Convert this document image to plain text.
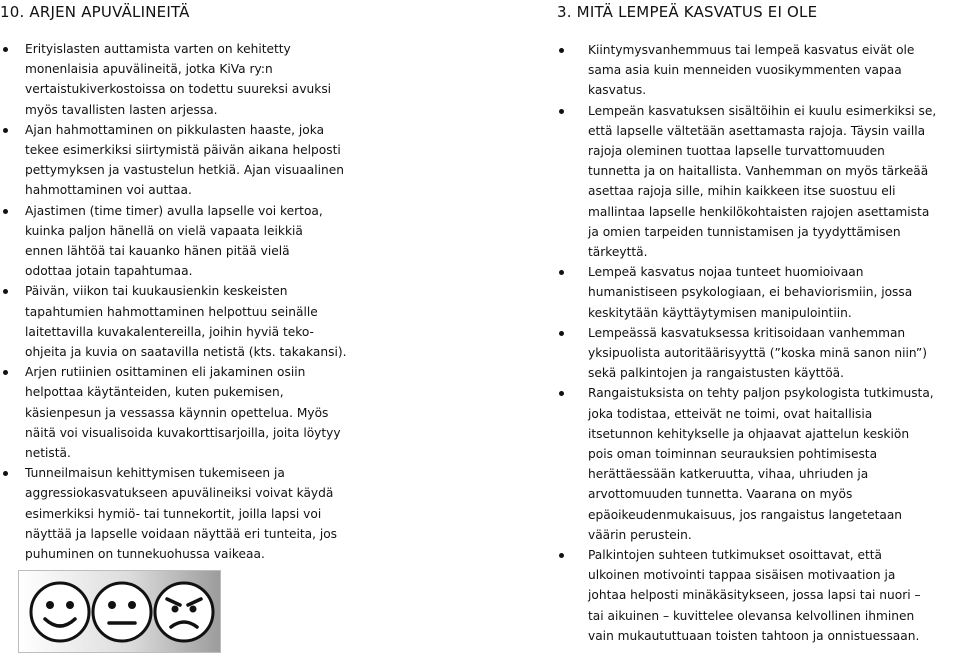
10. ARJEN APUVÄLINEITÄ
Erityislasten auttamista varten on kehitetty
monenlaisia apuvälineitä, jotka KiVa ry:n
vertaistukiverkostoissa on todettu suureksi avuksi
myös tavallisten lasten arjessa.
Ajan hahmottaminen on pikkulasten haaste, joka
tekee esimerkiksi siirtymistä päivän aikana helposti
pettymyksen ja vastustelun hetkiä. Ajan visuaalinen
hahmottaminen voi auttaa.
Ajastimen (time timer) avulla lapselle voi kertoa,
kuinka paljon hänellä on vielä vapaata leikkiä
ennen lähtöä tai kauanko hänen pitää vielä
odottaa jotain tapahtumaa.
Päivän, viikon tai kuukausienkin keskeisten
tapahtumien hahmottaminen helpottuu seinälle
laitettavilla kuvakalentereilla, joihin hyviä teko-
ohjeita ja kuvia on saatavilla netistä (kts. takakansi).
Arjen rutiinien osittaminen eli jakaminen osiin
helpottaa käytänteiden, kuten pukemisen,
käsienpesun ja vessassa käynnin opettelua. Myös
näitä voi visualisoida kuvakorttisarjoilla, joita löytyy
netistä.
Tunneilmaisun kehittymisen tukemiseen ja
aggressiokasvatukseen apuvälineiksi voivat käydä
esimerkiksi hymiö- tai tunnekortit, joilla lapsi voi
näyttää ja lapselle voidaan näyttää eri tunteita, jos
puhuminen on tunnekuohussa vaikeaa.
3. MITÄ LEMPEÄ KASVATUS EI OLE
Kiintymysvanhemmuus tai lempeä kasvatus eivät ole
sama asia kuin menneiden vuosikymmenten vapaa
kasvatus.
Lempeän kasvatuksen sisältöihin ei kuulu esimerkiksi se,
että lapselle vältetään asettamasta rajoja. Täysin vailla
rajoja oleminen tuottaa lapselle turvattomuuden
tunnetta ja on haitallista. Vanhemman on myös tärkeää
asettaa rajoja sille, mihin kaikkeen itse suostuu eli
mallintaa lapselle henkilökohtaisten rajojen asettamista
ja omien tarpeiden tunnistamisen ja tyydyttämisen
tärkeyttä.
Lempeä kasvatus nojaa tunteet huomioivaan
humanistiseen psykologiaan, ei behaviorismiin, jossa
keskitytään käyttäytymisen manipulointiin.
Lempeässä kasvatuksessa kritisoidaan vanhemman
yksipuolista autoritäärisyyttä (”koska minä sanon niin”)
sekä palkintojen ja rangaistusten käyttöä.
Rangaistuksista on tehty paljon psykologista tutkimusta,
joka todistaa, etteivät ne toimi, ovat haitallisia
itsetunnon kehitykselle ja ohjaavat ajattelun keskiön
pois oman toiminnan seurauksien pohtimisesta
herättäessään katkeruutta, vihaa, uhriuden ja
arvottomuuden tunnetta. Vaarana on myös
epäoikeudenmukaisuus, jos rangaistus langetetaan
väärin perustein.
Palkintojen suhteen tutkimukset osoittavat, että
ulkoinen motivointi tappaa sisäisen motivaation ja
johtaa helposti minäkäsitykseen, jossa lapsi tai nuori –
tai aikuinen – kuvittelee olevansa kelvollinen ihminen
vain mukaututtuaan toisten tahtoon ja onnistuessaan.
